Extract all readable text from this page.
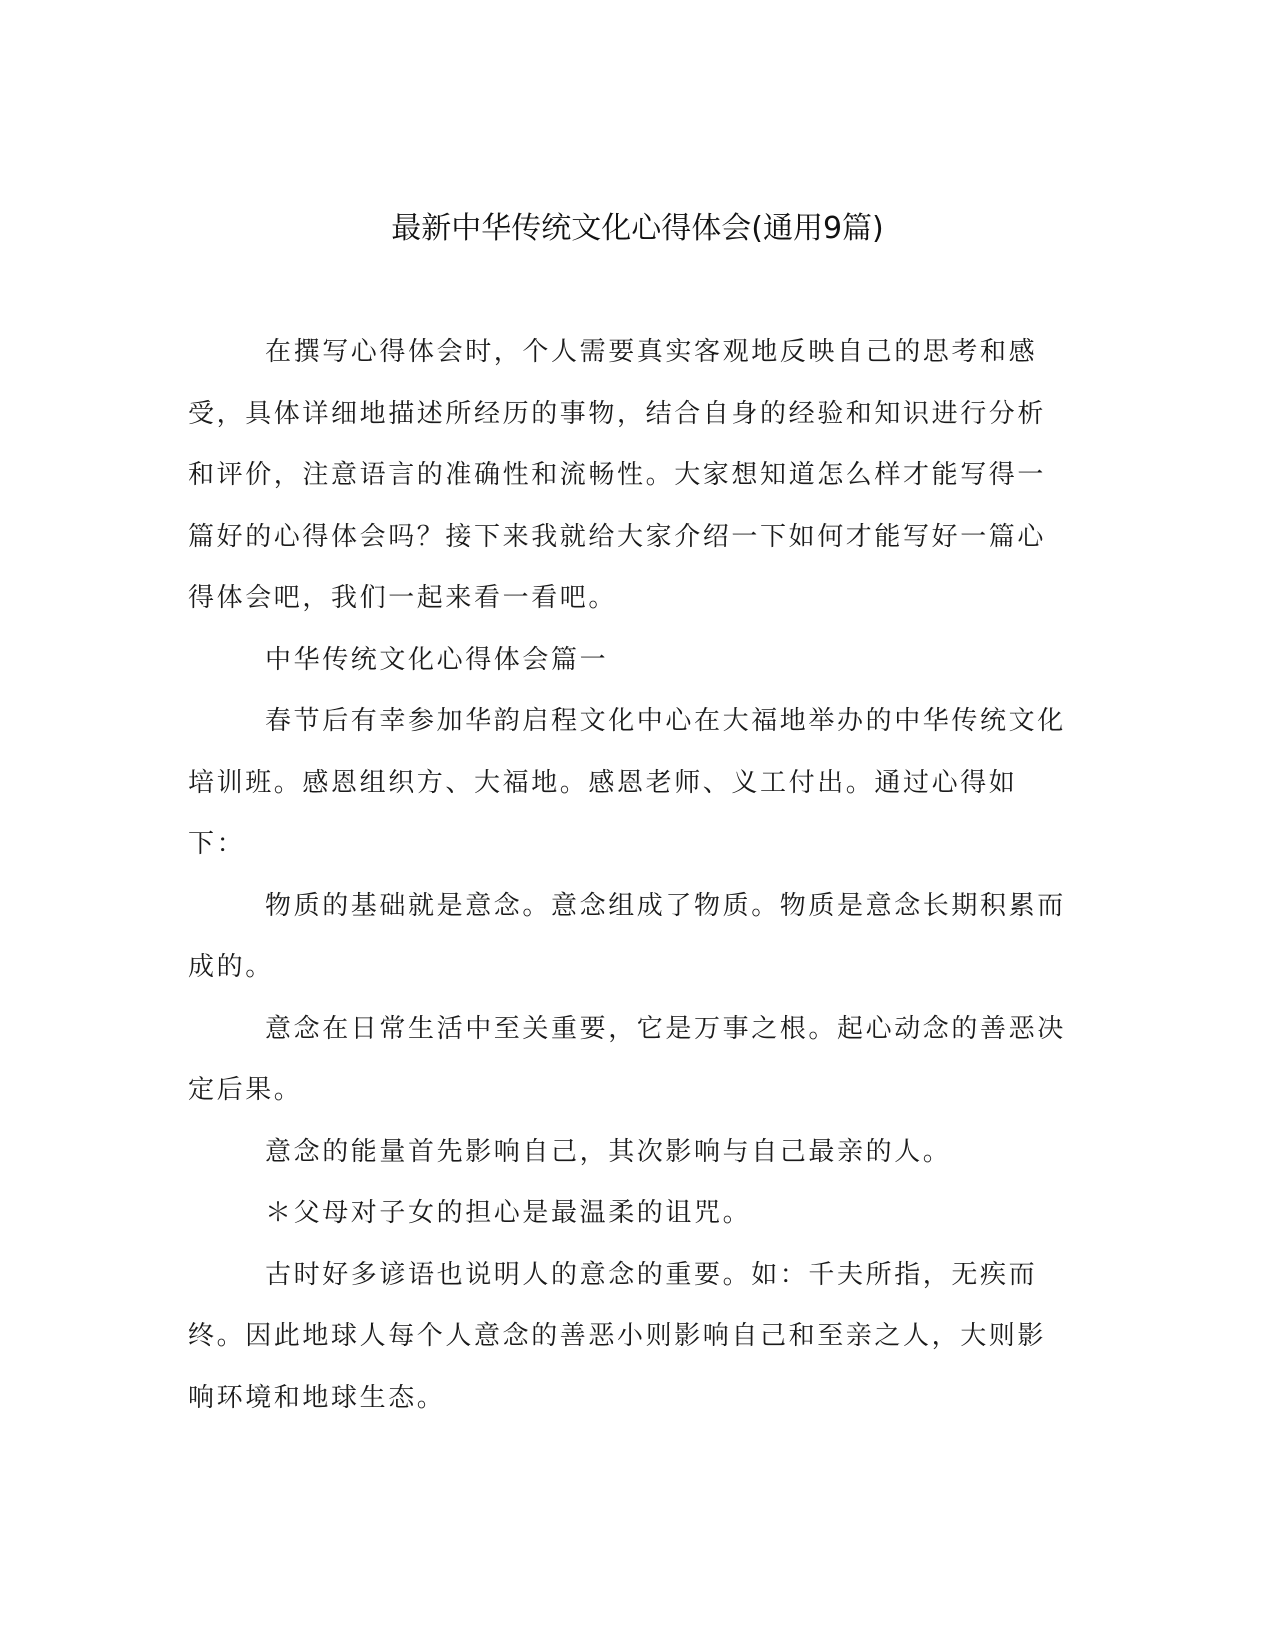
最新中华传统文化心得体会(通用9篇)

在撰写心得体会时，个人需要真实客观地反映自己的思考和感受，具体详细地描述所经历的事物，结合自身的经验和知识进行分析和评价，注意语言的准确性和流畅性。大家想知道怎么样才能写得一篇好的心得体会吗？接下来我就给大家介绍一下如何才能写好一篇心得体会吧，我们一起来看一看吧。

中华传统文化心得体会篇一

春节后有幸参加华韵启程文化中心在大福地举办的中华传统文化培训班。感恩组织方、大福地。感恩老师、义工付出。通过心得如下：

物质的基础就是意念。意念组成了物质。物质是意念长期积累而成的。

意念在日常生活中至关重要，它是万事之根。起心动念的善恶决定后果。

意念的能量首先影响自己，其次影响与自己最亲的人。

＊父母对子女的担心是最温柔的诅咒。

古时好多谚语也说明人的意念的重要。如：千夫所指，无疾而终。因此地球人每个人意念的善恶小则影响自己和至亲之人，大则影响环境和地球生态。
